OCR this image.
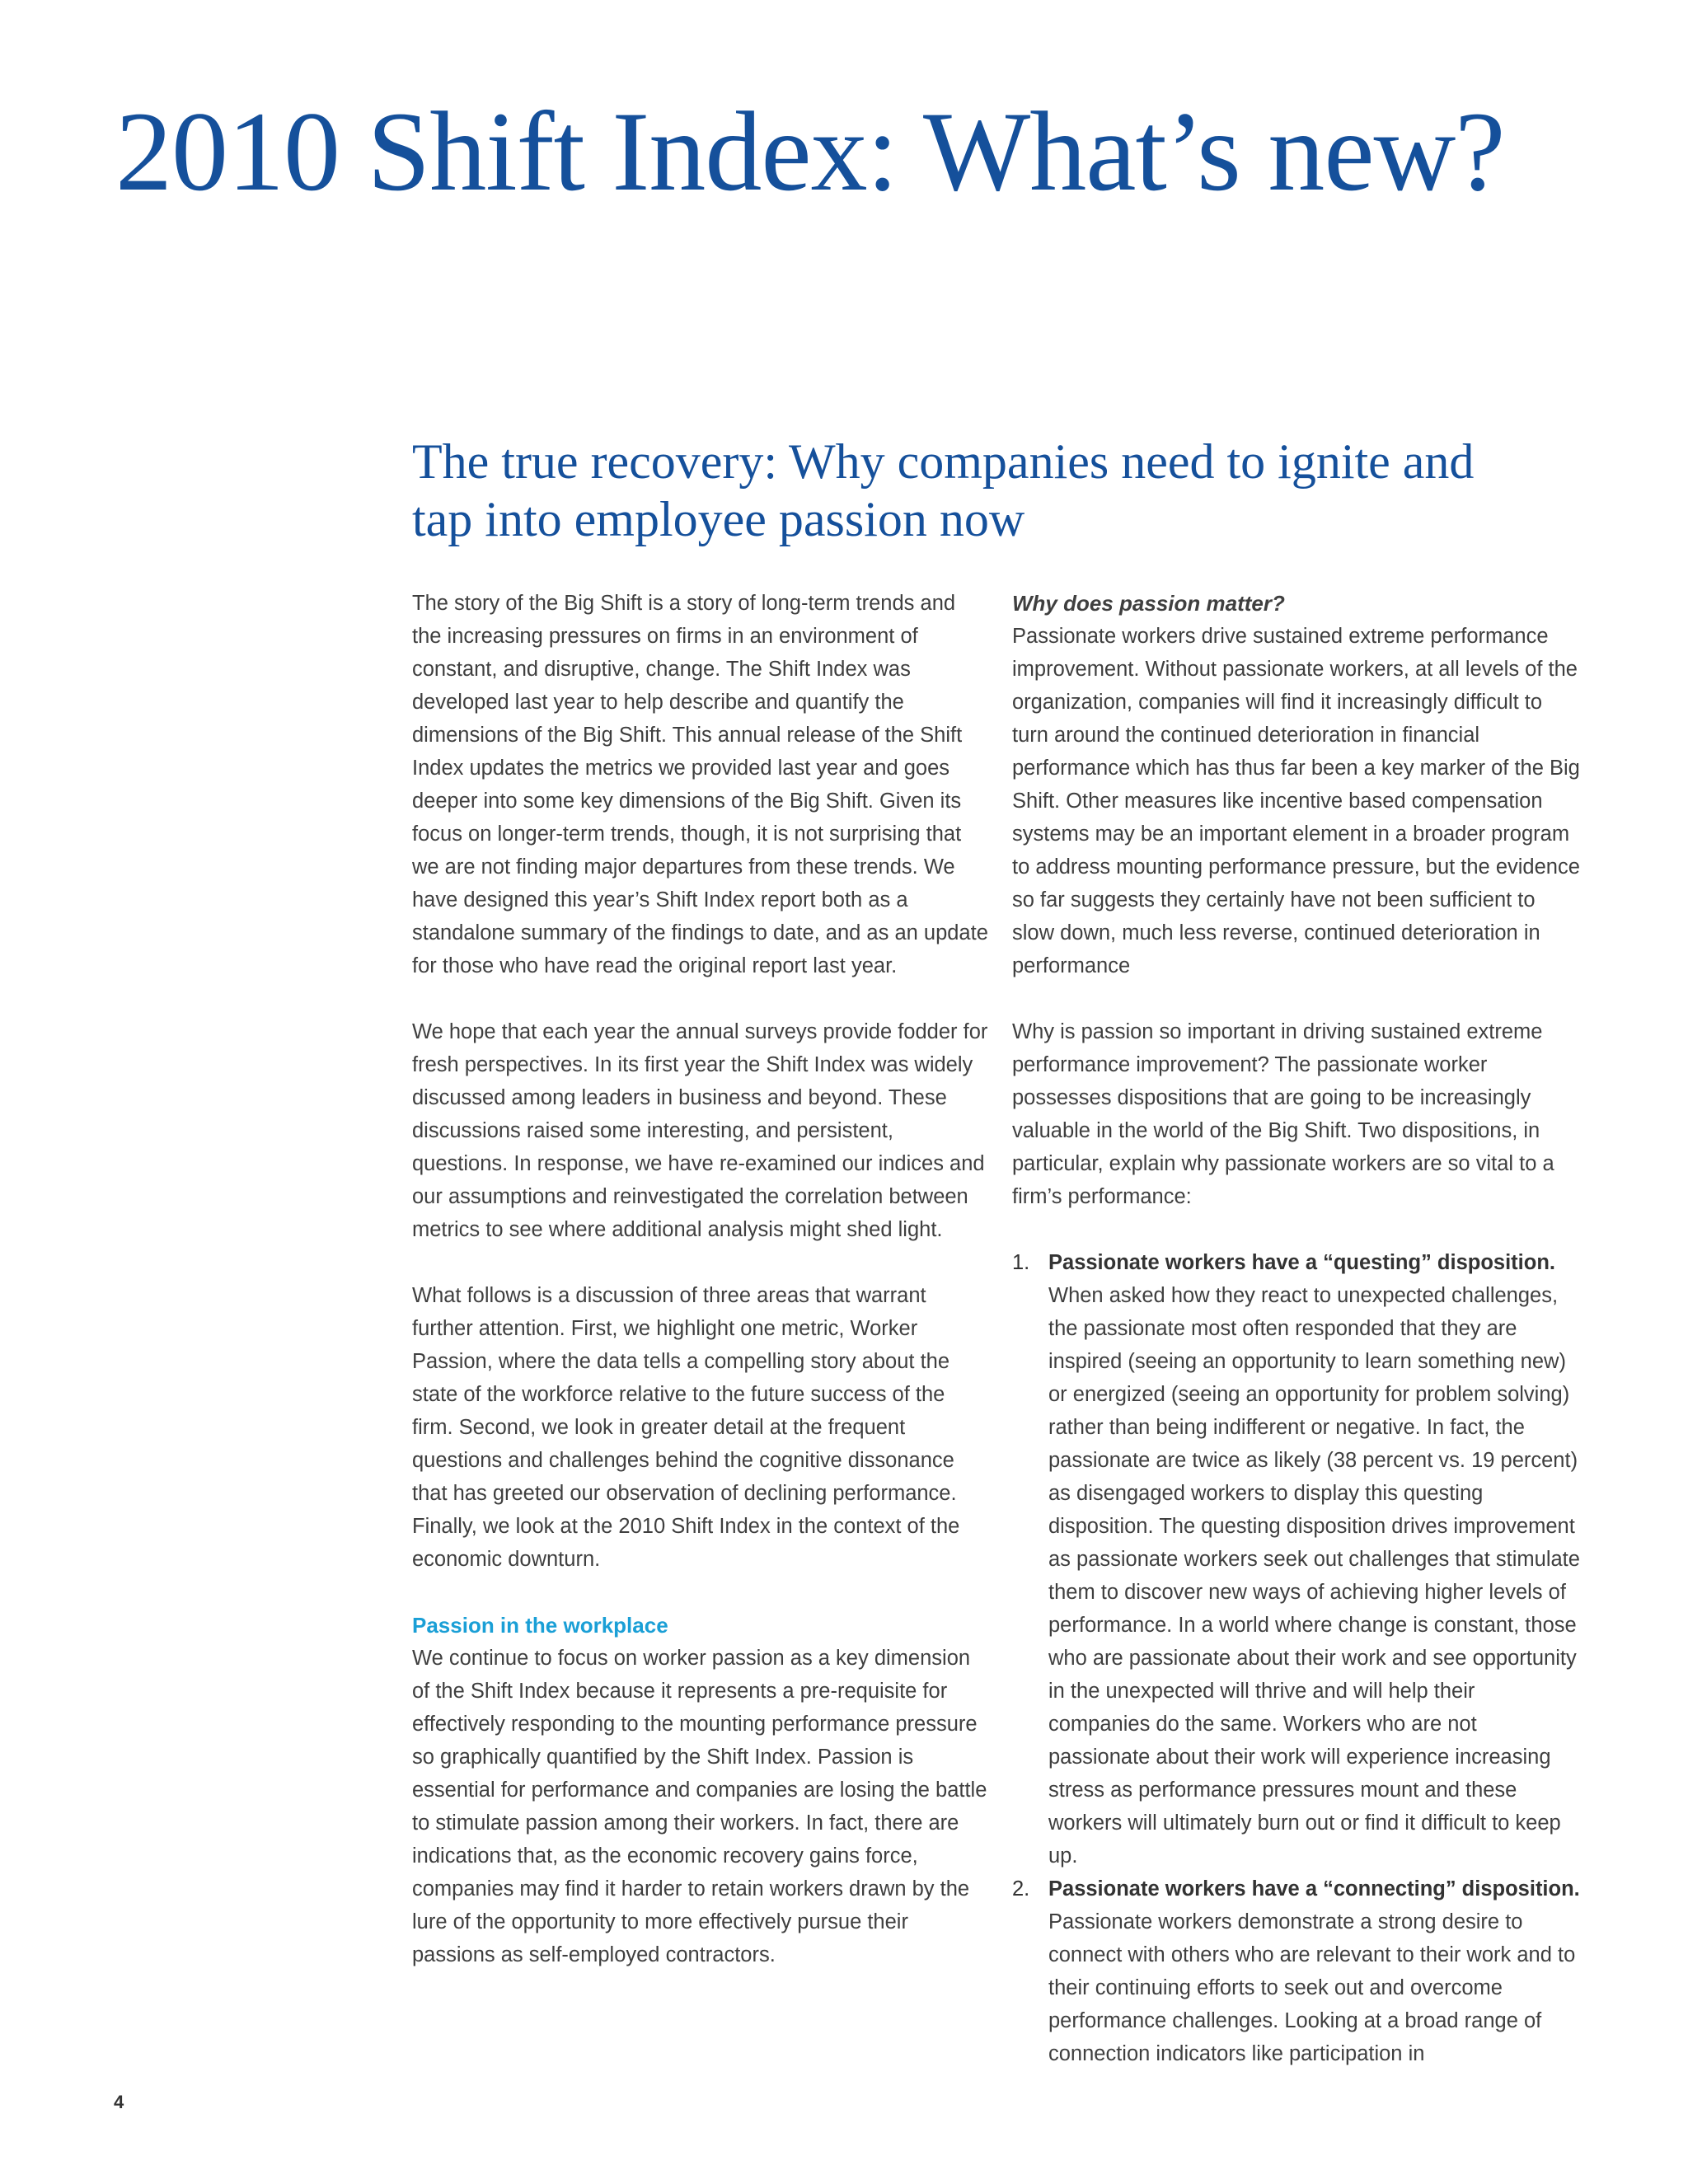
2010 Shift Index: What’s new?
The true recovery: Why companies need to ignite and tap into employee passion now

The story of the Big Shift is a story of long-term trends and the increasing pressures on firms in an environment of constant, and disruptive, change. The Shift Index was developed last year to help describe and quantify the dimensions of the Big Shift. This annual release of the Shift Index updates the metrics we provided last year and goes deeper into some key dimensions of the Big Shift. Given its focus on longer-term trends, though, it is not surprising that we are not finding major departures from these trends. We have designed this year’s Shift Index report both as a standalone summary of the findings to date, and as an update for those who have read the original report last year.

We hope that each year the annual surveys provide fodder for fresh perspectives. In its first year the Shift Index was widely discussed among leaders in business and beyond. These discussions raised some interesting, and persistent, questions. In response, we have re-examined our indices and our assumptions and reinvestigated the correlation between metrics to see where additional analysis might shed light.

What follows is a discussion of three areas that warrant further attention. First, we highlight one metric, Worker Passion, where the data tells a compelling story about the state of the workforce relative to the future success of the firm. Second, we look in greater detail at the frequent questions and challenges behind the cognitive dissonance that has greeted our observation of declining performance. Finally, we look at the 2010 Shift Index in the context of the economic downturn.

Passion in the workplace

We continue to focus on worker passion as a key dimension of the Shift Index because it represents a pre-requisite for effectively responding to the mounting performance pressure so graphically quantified by the Shift Index. Passion is essential for performance and companies are losing the battle to stimulate passion among their workers. In fact, there are indications that, as the economic recovery gains force, companies may find it harder to retain workers drawn by the lure of the opportunity to more effectively pursue their passions as self-employed contractors.

Why does passion matter?

Passionate workers drive sustained extreme performance improvement. Without passionate workers, at all levels of the organization, companies will find it increasingly difficult to turn around the continued deterioration in financial performance which has thus far been a key marker of the Big Shift. Other measures like incentive based compensation systems may be an important element in a broader program to address mounting performance pressure, but the evidence so far suggests they certainly have not been sufficient to slow down, much less reverse, continued deterioration in performance

Why is passion so important in driving sustained extreme performance improvement? The passionate worker possesses dispositions that are going to be increasingly valuable in the world of the Big Shift. Two dispositions, in particular, explain why passionate workers are so vital to a firm’s performance:

1. Passionate workers have a “questing” disposition. When asked how they react to unexpected challenges, the passionate most often responded that they are inspired (seeing an opportunity to learn something new) or energized (seeing an opportunity for problem solving) rather than being indifferent or negative. In fact, the passionate are twice as likely (38 percent vs. 19 percent) as disengaged workers to display this questing disposition. The questing disposition drives improvement as passionate workers seek out challenges that stimulate them to discover new ways of achieving higher levels of performance. In a world where change is constant, those who are passionate about their work and see opportunity in the unexpected will thrive and will help their companies do the same. Workers who are not passionate about their work will experience increasing stress as performance pressures mount and these workers will ultimately burn out or find it difficult to keep up.
2. Passionate workers have a “connecting” disposition. Passionate workers demonstrate a strong desire to connect with others who are relevant to their work and to their continuing efforts to seek out and overcome performance challenges. Looking at a broad range of connection indicators like participation in
4
